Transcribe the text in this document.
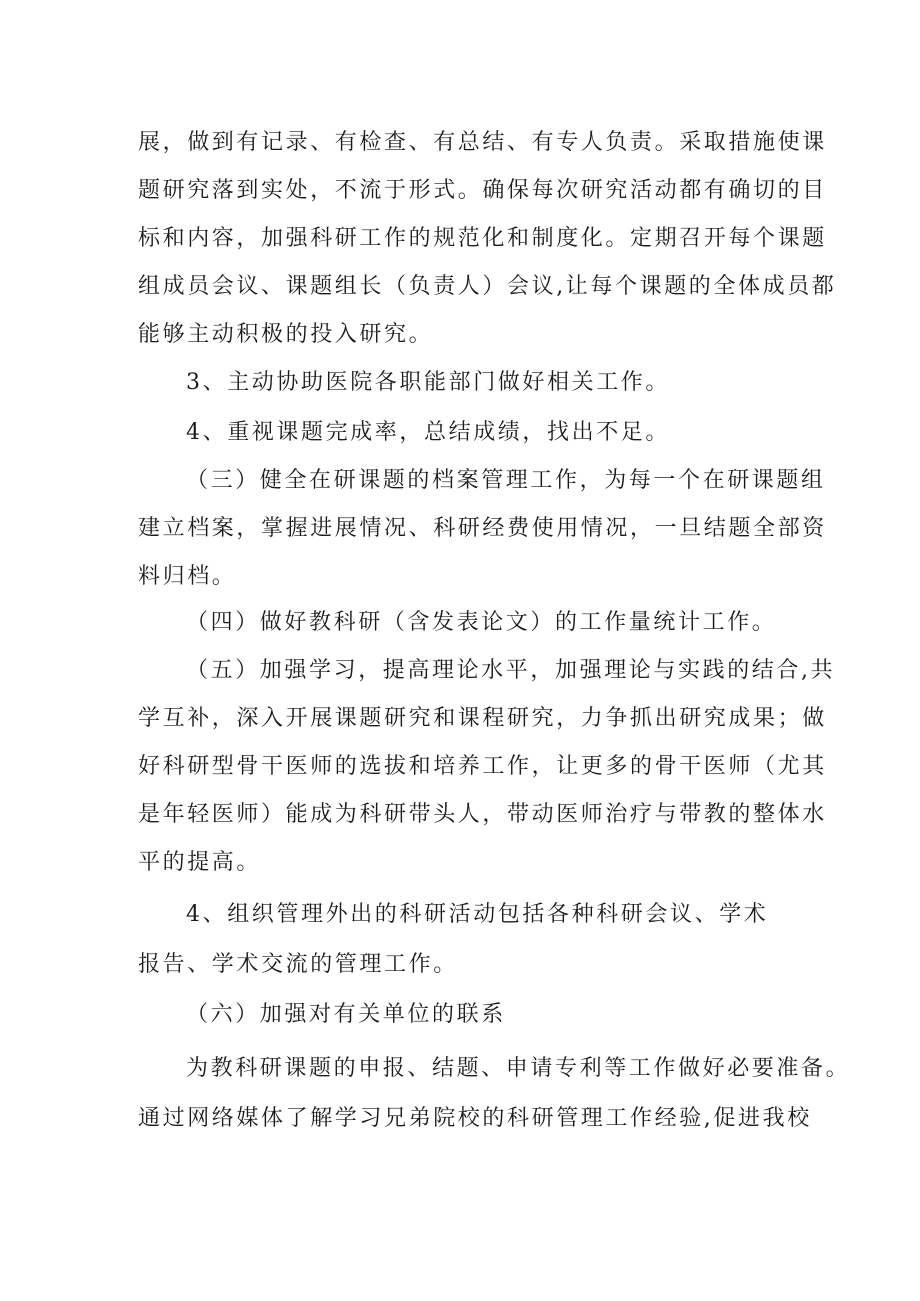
展，做到有记录、有检查、有总结、有专人负责。采取措施使课
题研究落到实处，不流于形式。确保每次研究活动都有确切的目
标和内容，加强科研工作的规范化和制度化。定期召开每个课题
组成员会议、课题组长（负责人）会议,让每个课题的全体成员都
能够主动积极的投入研究。
3、主动协助医院各职能部门做好相关工作。
4、重视课题完成率，总结成绩，找出不足。
（三）健全在研课题的档案管理工作，为每一个在研课题组
建立档案，掌握进展情况、科研经费使用情况，一旦结题全部资
料归档。
（四）做好教科研（含发表论文）的工作量统计工作。
（五）加强学习，提高理论水平，加强理论与实践的结合,共
学互补，深入开展课题研究和课程研究，力争抓出研究成果；做
好科研型骨干医师的选拔和培养工作，让更多的骨干医师（尤其
是年轻医师）能成为科研带头人，带动医师治疗与带教的整体水
平的提高。
4、组织管理外出的科研活动包括各种科研会议、学术
报告、学术交流的管理工作。
（六）加强对有关单位的联系
为教科研课题的申报、结题、申请专利等工作做好必要准备。
通过网络媒体了解学习兄弟院校的科研管理工作经验,促进我校
